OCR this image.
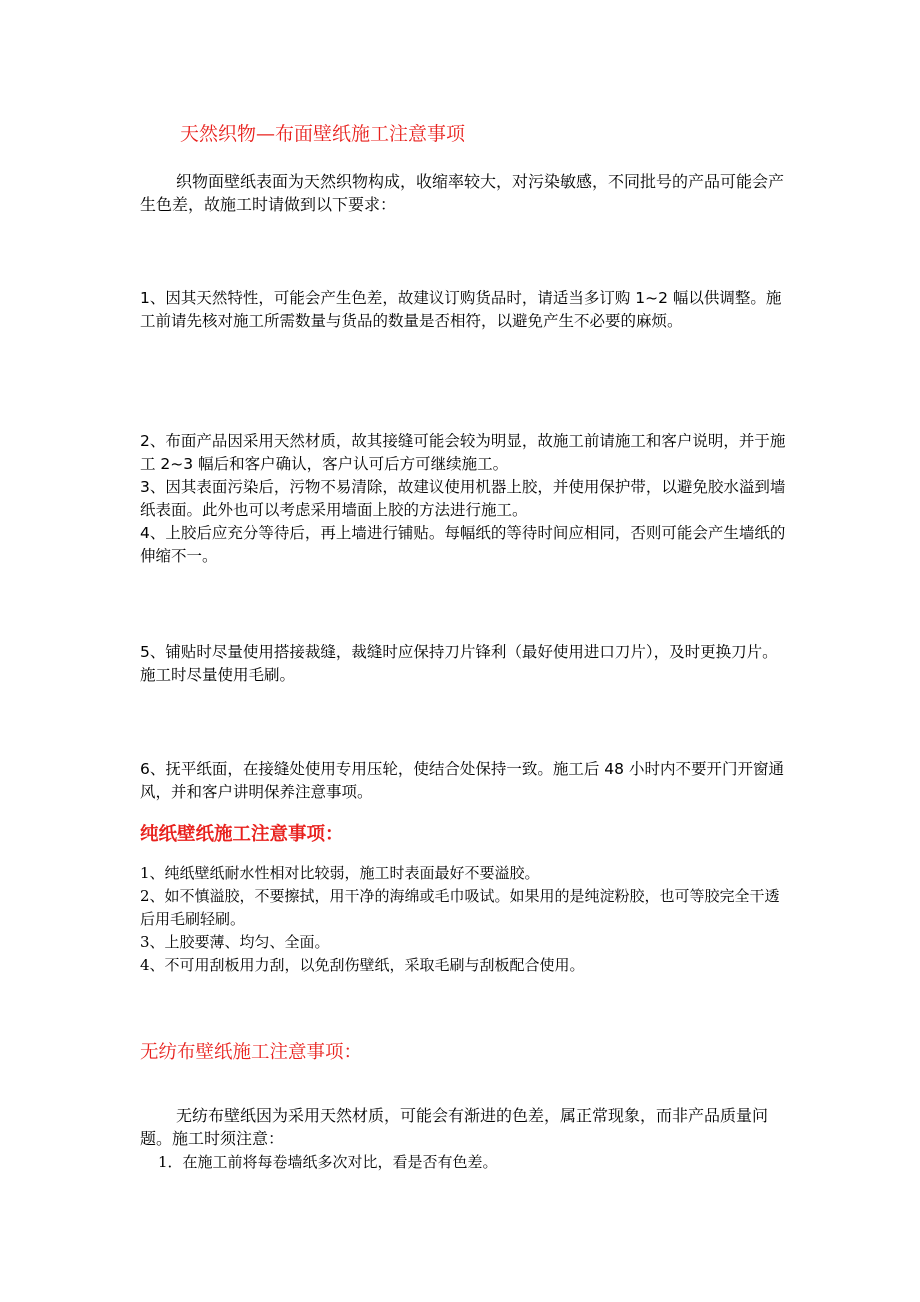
天然织物—布面壁纸施工注意事项

织物面壁纸表面为天然织物构成，收缩率较大，对污染敏感，不同批号的产品可能会产生色差，故施工时请做到以下要求：

1、因其天然特性，可能会产生色差，故建议订购货品时，请适当多订购 1~2 幅以供调整。施工前请先核对施工所需数量与货品的数量是否相符，以避免产生不必要的麻烦。

2、布面产品因采用天然材质，故其接缝可能会较为明显，故施工前请施工和客户说明，并于施工 2~3 幅后和客户确认，客户认可后方可继续施工。

3、因其表面污染后，污物不易清除，故建议使用机器上胶，并使用保护带，以避免胶水溢到墙纸表面。此外也可以考虑采用墙面上胶的方法进行施工。

4、上胶后应充分等待后，再上墙进行铺贴。每幅纸的等待时间应相同，否则可能会产生墙纸的伸缩不一。

5、铺贴时尽量使用搭接裁缝，裁缝时应保持刀片锋利（最好使用进口刀片），及时更换刀片。施工时尽量使用毛刷。

6、抚平纸面，在接缝处使用专用压轮，使结合处保持一致。施工后 48 小时内不要开门开窗通风，并和客户讲明保养注意事项。

纯纸壁纸施工注意事项：

1、纯纸壁纸耐水性相对比较弱，施工时表面最好不要溢胶。

2、如不慎溢胶，不要擦拭，用干净的海绵或毛巾吸试。如果用的是纯淀粉胶，也可等胶完全干透后用毛刷轻刷。

3、上胶要薄、均匀、全面。

4、不可用刮板用力刮，以免刮伤壁纸，采取毛刷与刮板配合使用。

无纺布壁纸施工注意事项：

无纺布壁纸因为采用天然材质，可能会有渐进的色差，属正常现象，而非产品质量问题。施工时须注意：

1．在施工前将每卷墙纸多次对比，看是否有色差。
